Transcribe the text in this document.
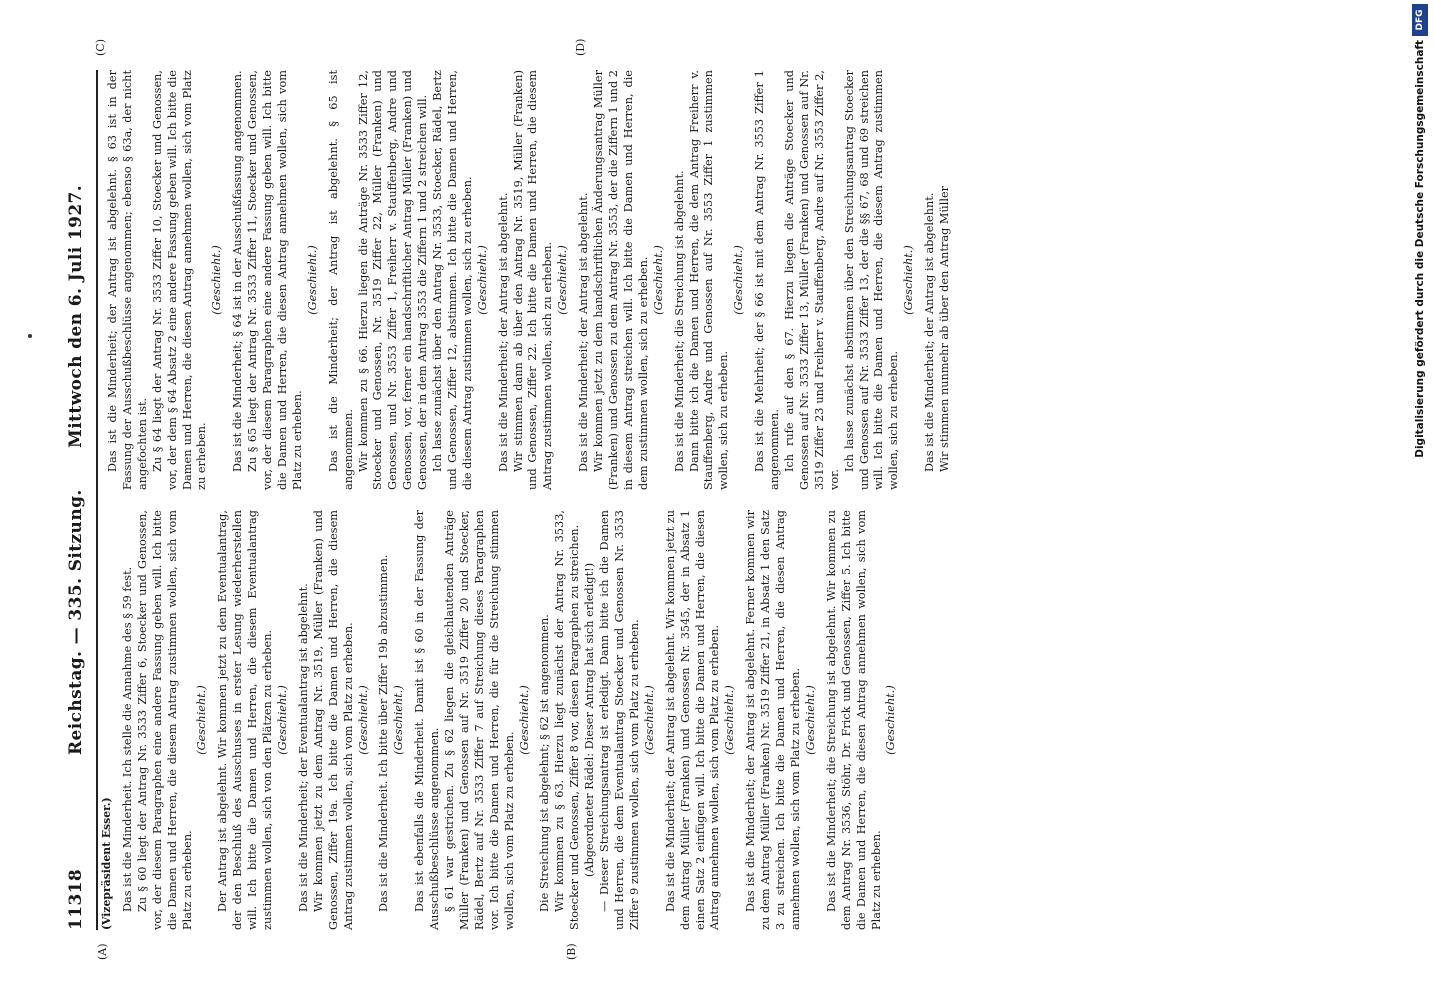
11318
Reichstag. — 335. Sitzung.
Mittwoch den 6. Juli 1927.
(A)	(B)
(C)	(D)

(Vizepräsident Esser.) Das ist die Minderheit. Ich stelle die Annahme des § 59 fest. Zu § 60 liegt der Antrag Nr. 3533 Ziffer 6, Stoecker und Genossen, vor, der diesem Paragraphen eine andere Fassung geben will. Ich bitte die Damen und Herren, die diesem Antrag zustimmen wollen, sich vom Platz zu erheben.

(Geschieht.) Der Antrag ist abgelehnt. Wir kommen jetzt zu dem Eventualantrag, der den Beschluß des Ausschusses in erster Lesung wiederherstellen will. Ich bitte die Damen und Herren, die diesem Eventualantrag zustimmen wollen, sich von den Plätzen zu erheben. (Geschieht.) Das ist die Minderheit; der Eventualantrag ist abgelehnt. Wir kommen jetzt zu dem Antrag Nr. 3519, Müller (Franken) und Genossen, Ziffer 19a. Ich bitte die Damen und Herren, die diesem Antrag zustimmen wollen, sich vom Platz zu erheben. (Geschieht.) Das ist die Minderheit. Ich bitte über Ziffer 19b abzustimmen. (Geschieht.) Das ist ebenfalls die Minderheit. Damit ist § 60 in der Fassung der Ausschußbeschlüsse angenommen. § 61 war gestrichen. Zu § 62 liegen die gleichlautenden Anträge Müller (Franken) und Genossen auf Nr. 3519 Ziffer 20 und Stoecker, Rädel, Bertz auf Nr. 3533 Ziffer 7 auf Streichung dieses Paragraphen vor. Ich bitte die Damen und Herren, die für die Streichung stimmen wollen, sich vom Platz zu erheben.

(Geschieht.) Die Streichung ist abgelehnt; § 62 ist angenommen. Wir kommen zu § 63. Hierzu liegt zunächst der Antrag Nr. 3533, Stoecker und Genossen, Ziffer 8 vor, diesen Paragraphen zu streichen. (Abgeordneter Rädel: Dieser Antrag hat sich erledigt!) — Dieser Streichungsantrag ist erledigt. Dann bitte ich die Damen und Herren, die dem Eventualantrag Stoecker und Genossen Nr. 3533 Ziffer 9 zustimmen wollen, sich vom Platz zu erheben. (Geschieht.) Das ist die Minderheit; der Antrag ist abgelehnt. Wir kommen jetzt zu dem Antrag Müller (Franken) und Genossen Nr. 3545, der in Absatz 1 einen Satz 2 einfügen will. Ich bitte die Damen und Herren, die diesen Antrag annehmen wollen, sich vom Platz zu erheben. (Geschieht.) Das ist die Minderheit; der Antrag ist abgelehnt. Ferner kommen wir zu dem Antrag Müller (Franken) Nr. 3519 Ziffer 21, in Absatz 1 den Satz 3 zu streichen. Ich bitte die Damen und Herren, die diesen Antrag annehmen wollen, sich vom Platz zu erheben. (Geschieht.) Das ist die Minderheit; die Streichung ist abgelehnt. Wir kommen zu dem Antrag Nr. 3536, Stöhr, Dr. Frick und Genossen, Ziffer 5. Ich bitte die Damen und Herren, die diesen Antrag annehmen wollen, sich vom Platz zu erheben.

(Geschieht.)

Das ist die Minderheit; der Antrag ist abgelehnt. § 63 ist in der Fassung der Ausschußbeschlüsse angenommen; ebenso § 63a, der nicht angefochten ist. Zu § 64 liegt der Antrag Nr. 3533 Ziffer 10, Stoecker und Genossen, vor, der dem § 64 Absatz 2 eine andere Fassung geben will. Ich bitte die Damen und Herren, die diesen Antrag annehmen wollen, sich vom Platz zu erheben.

(Geschieht.) Das ist die Minderheit; § 64 ist in der Ausschußfassung angenommen. Zu § 65 liegt der Antrag Nr. 3533 Ziffer 11, Stoecker und Genossen, vor, der diesem Paragraphen eine andere Fassung geben will. Ich bitte die Damen und Herren, die diesen Antrag annehmen wollen, sich vom Platz zu erheben.

(Geschieht.) Das ist die Minderheit; der Antrag ist abgelehnt. § 65 ist angenommen. Wir kommen zu § 66. Hierzu liegen die Anträge Nr. 3533 Ziffer 12, Stoecker und Genossen, Nr. 3519 Ziffer 22, Müller (Franken) und Genossen, und Nr. 3553 Ziffer 1, Freiherr v. Stauffenberg, Andre und Genossen, vor, ferner ein handschriftlicher Antrag Müller (Franken) und Genossen, der in dem Antrag 3553 die Ziffern 1 und 2 streichen will. Ich lasse zunächst über den Antrag Nr. 3533, Stoecker, Rädel, Bertz und Genossen, Ziffer 12, abstimmen. Ich bitte die Damen und Herren, die diesem Antrag zustimmen wollen, sich zu erheben. (Geschieht.) Das ist die Minderheit; der Antrag ist abgelehnt. Wir stimmen dann ab über den Antrag Nr. 3519, Müller (Franken) und Genossen, Ziffer 22. Ich bitte die Damen und Herren, die diesem Antrag zustimmen wollen, sich zu erheben. (Geschieht.) Das ist die Minderheit; der Antrag ist abgelehnt. Wir kommen jetzt zu dem handschriftlichen Änderungsantrag Müller (Franken) und Genossen zu dem Antrag Nr. 3553, der die Ziffern 1 und 2 in diesem Antrag streichen will. Ich bitte die Damen und Herren, die dem zustimmen wollen, sich zu erheben. (Geschieht.) Das ist die Minderheit; die Streichung ist abgelehnt. Dann bitte ich die Damen und Herren, die dem Antrag Freiherr v. Stauffenberg, Andre und Genossen auf Nr. 3553 Ziffer 1 zustimmen wollen, sich zu erheben.

(Geschieht.) Das ist die Mehrheit; der § 66 ist mit dem Antrag Nr. 3553 Ziffer 1 angenommen. Ich rufe auf den § 67. Hierzu liegen die Anträge Stoecker und Genossen auf Nr. 3533 Ziffer 13, Müller (Franken) und Genossen auf Nr. 3519 Ziffer 23 und Freiherr v. Stauffenberg, Andre auf Nr. 3553 Ziffer 2, vor.

Ich lasse zunächst abstimmen über den Streichungsantrag Stoecker und Genossen auf Nr. 3533 Ziffer 13, der die §§ 67, 68 und 69 streichen will. Ich bitte die Damen und Herren, die diesem Antrag zustimmen wollen, sich zu erheben.

(Geschieht.) Das ist die Minderheit; der Antrag ist abgelehnt. Wir stimmen nunmehr ab über den Antrag Müller	Digitalisierung gefördert durch die Deutsche Forschungsgemeinschaft
DFG
